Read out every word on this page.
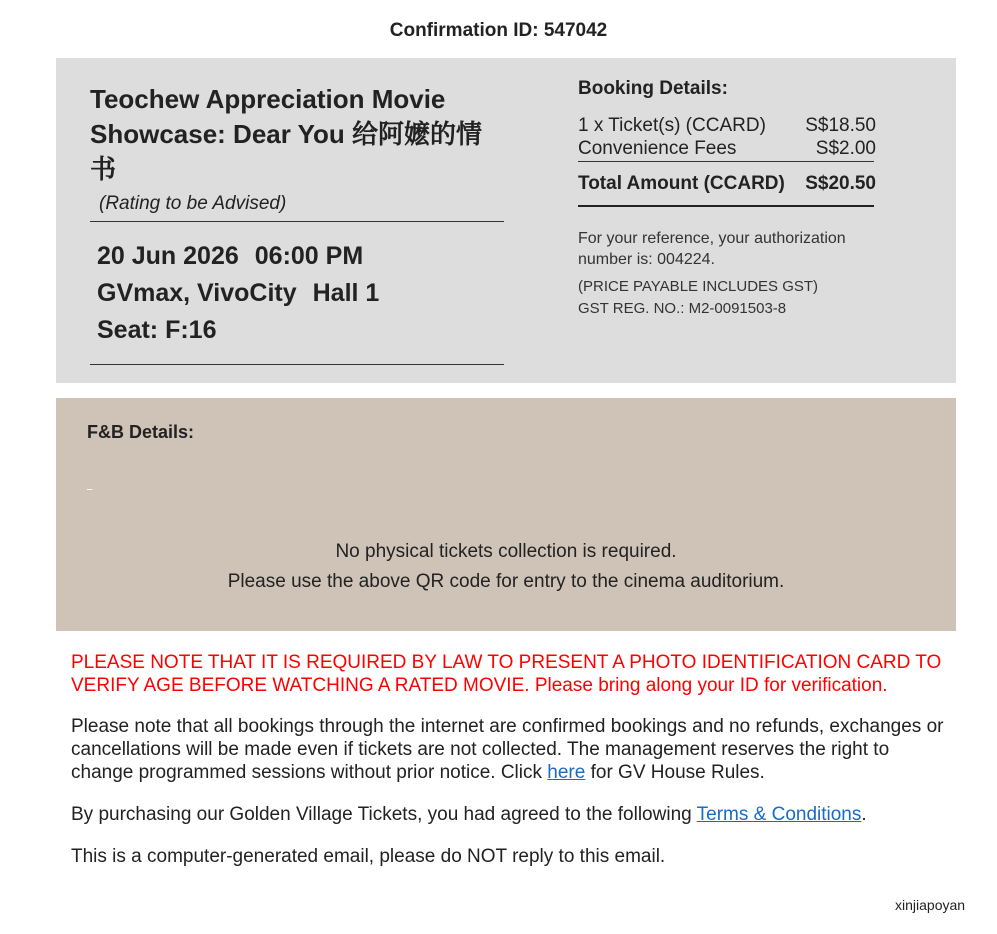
Confirmation ID: 547042
Teochew Appreciation Movie Showcase: Dear You 给阿嬷的情书
(Rating to be Advised)
20 Jun 2026 06:00 PM
GVmax, VivoCity Hall 1
Seat: F:16
Booking Details:
1 x Ticket(s) (CCARD) S$18.50
Convenience Fees	S$2.00
Total Amount (CCARD) S$20.50
For your reference, your authorization number is: 004224.
(PRICE PAYABLE INCLUDES GST)
GST REG. NO.: M2-0091503-8
F&B Details:
No physical tickets collection is required.
Please use the above QR code for entry to the cinema auditorium.

PLEASE NOTE THAT IT IS REQUIRED BY LAW TO PRESENT A PHOTO IDENTIFICATION CARD TO VERIFY AGE BEFORE WATCHING A RATED MOVIE. Please bring along your ID for verification.

Please note that all bookings through the internet are confirmed bookings and no refunds, exchanges or cancellations will be made even if tickets are not collected. The management reserves the right to change programmed sessions without prior notice. Click here for GV House Rules.

By purchasing our Golden Village Tickets, you had agreed to the following Terms & Conditions.

This is a computer-generated email, please do NOT reply to this email.

xinjiapoyan
